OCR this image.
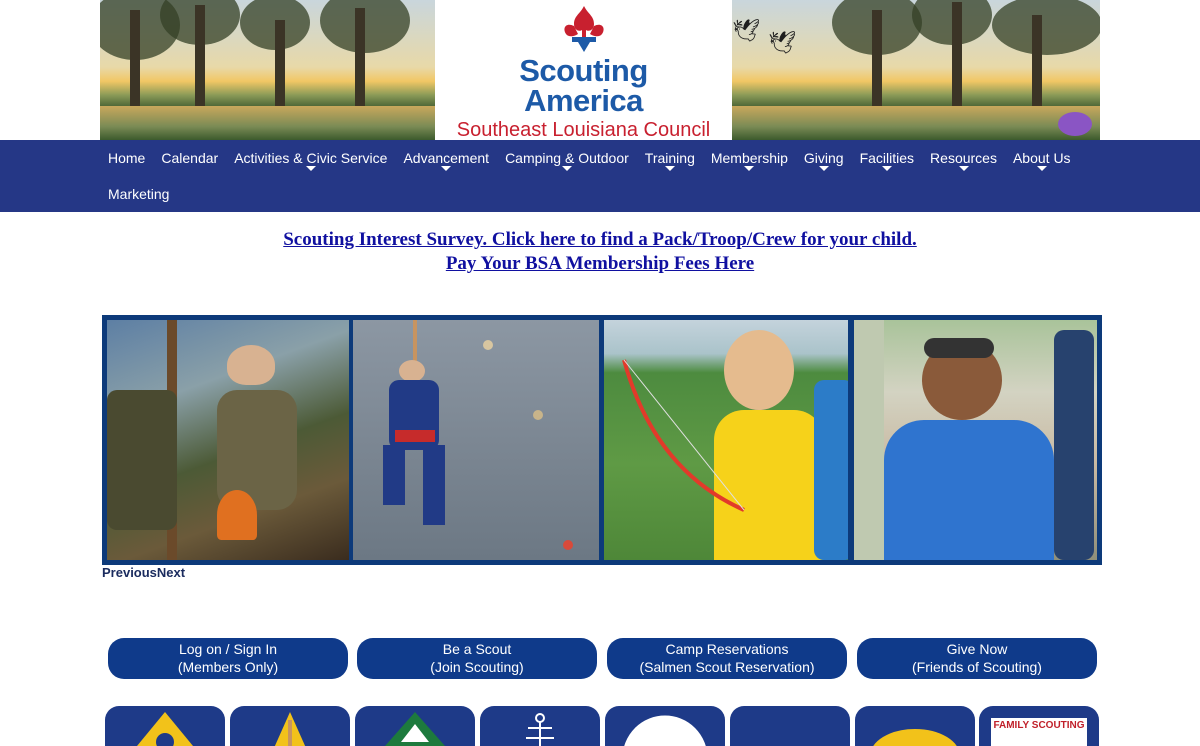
Scouting
America
Southeast Louisiana Council
🕊 🕊
Home	Calendar	Activities & Civic Service	Advancement	Camping & Outdoor	Training	Membership	Giving	Facilities	Resources	About Us
Marketing
Scouting Interest Survey. Click here to find a Pack/Troop/Crew for your child.
Pay Your BSA Membership Fees Here
PreviousNext
Log on / Sign In
(Members Only)
Be a Scout
(Join Scouting)
Camp Reservations
(Salmen Scout Reservation)
Give Now
(Friends of Scouting)
FAMILY SCOUTING
